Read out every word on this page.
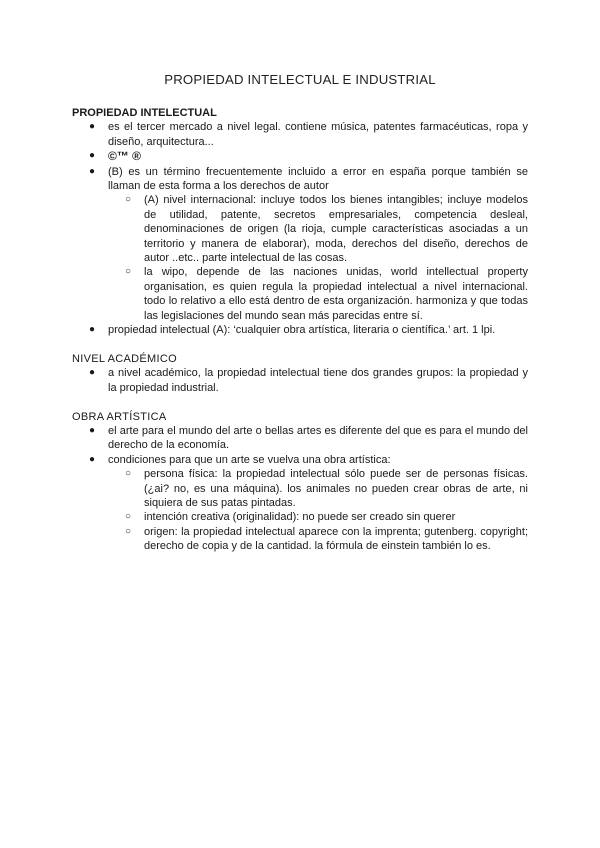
PROPIEDAD INTELECTUAL E INDUSTRIAL
PROPIEDAD INTELECTUAL
● es el tercer mercado a nivel legal. contiene música, patentes farmacéuticas, ropa y diseño, arquitectura...
● ©™ ®
● (B) es un término frecuentemente incluido a error en españa porque también se llaman de esta forma a los derechos de autor
○ (A) nivel internacional: incluye todos los bienes intangibles; incluye modelos de utilidad, patente, secretos empresariales, competencia desleal, denominaciones de origen (la rioja, cumple características asociadas a un territorio y manera de elaborar), moda, derechos del diseño, derechos de autor ..etc.. parte intelectual de las cosas.
○ la wipo, depende de las naciones unidas, world intellectual property organisation, es quien regula la propiedad intelectual a nivel internacional. todo lo relativo a ello está dentro de esta organización. harmoniza y que todas las legislaciones del mundo sean más parecidas entre sí.
● propiedad intelectual (A): ‘cualquier obra artística, literaria o científica.’ art. 1 lpi.
NIVEL ACADÉMICO
● a nivel académico, la propiedad intelectual tiene dos grandes grupos: la propiedad y la propiedad industrial.
OBRA ARTÍSTICA
● el arte para el mundo del arte o bellas artes es diferente del que es para el mundo del derecho de la economía.
● condiciones para que un arte se vuelva una obra artística:
○ persona física: la propiedad intelectual sólo puede ser de personas físicas. (¿ai? no, es una máquina). los animales no pueden crear obras de arte, ni siquiera de sus patas pintadas.
○ intención creativa (originalidad): no puede ser creado sin querer
○ origen: la propiedad intelectual aparece con la imprenta; gutenberg. copyright; derecho de copia y de la cantidad. la fórmula de einstein también lo es.
